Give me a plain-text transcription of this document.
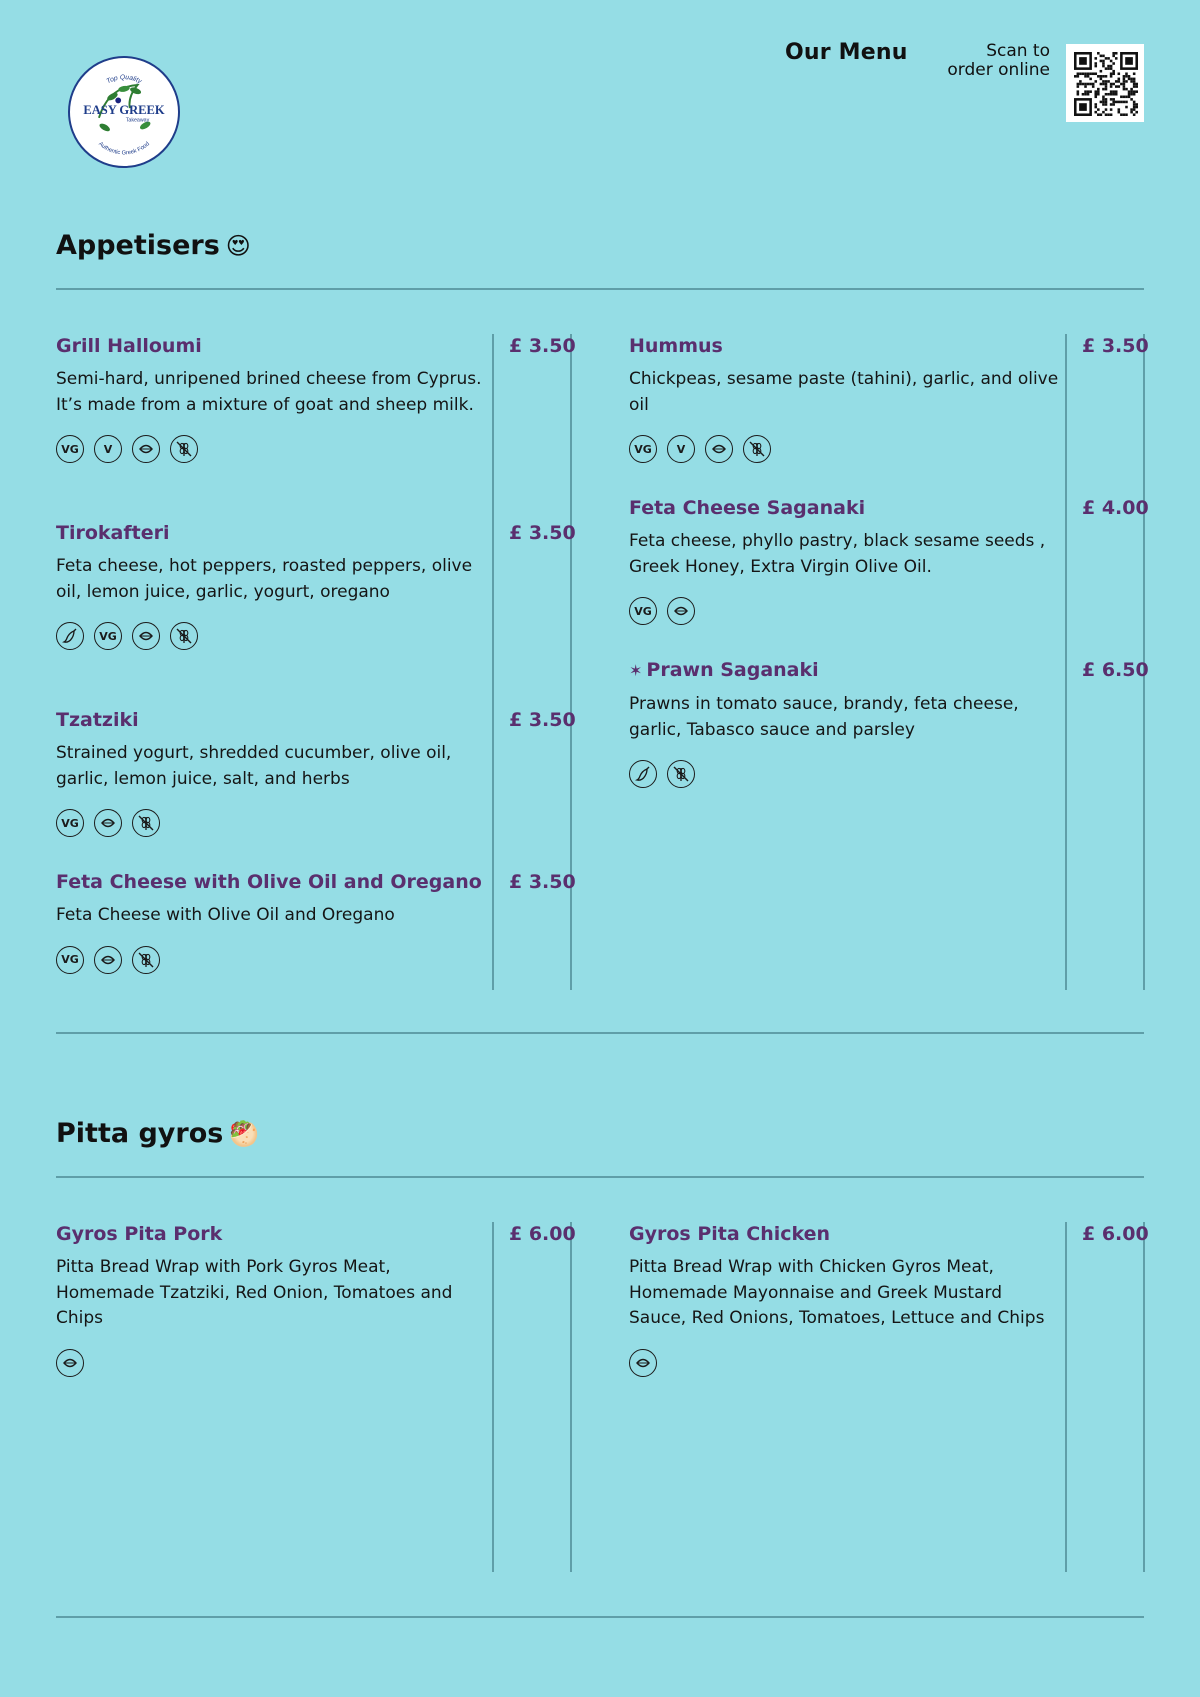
Top Quality
EASY GREEK
Takeaway
Authentic Greek Food
Our Menu	Scan to order online
Appetisers 😍

Grill Halloumi

Semi-hard, unripened brined cheese from Cyprus. It’s made from a mixture of goat and sheep milk.

VG	V
£ 3.50

Tirokafteri

Feta cheese, hot peppers, roasted peppers, olive oil, lemon juice, garlic, yogurt, oregano

VG
£ 3.50

Tzatziki

Strained yogurt, shredded cucumber, olive oil, garlic, lemon juice, salt, and herbs

VG
£ 3.50

Feta Cheese with Olive Oil and Oregano

Feta Cheese with Olive Oil and Oregano

VG
£ 3.50

Hummus

Chickpeas, sesame paste (tahini), garlic, and olive oil

VG	V
£ 3.50

Feta Cheese Saganaki

Feta cheese, phyllo pastry, black sesame seeds , Greek Honey, Extra Virgin Olive Oil.

VG
£ 4.00

✶ Prawn Saganaki

Prawns in tomato sauce, brandy, feta cheese, garlic, Tabasco sauce and parsley

£ 6.50
Pitta gyros 🥙

Gyros Pita Pork

Pitta Bread Wrap with Pork Gyros Meat, Homemade Tzatziki, Red Onion, Tomatoes and Chips

£ 6.00	Gyros Pita Chicken

Pitta Bread Wrap with Chicken Gyros Meat, Homemade Mayonnaise and Greek Mustard Sauce, Red Onions, Tomatoes, Lettuce and Chips

£ 6.00
